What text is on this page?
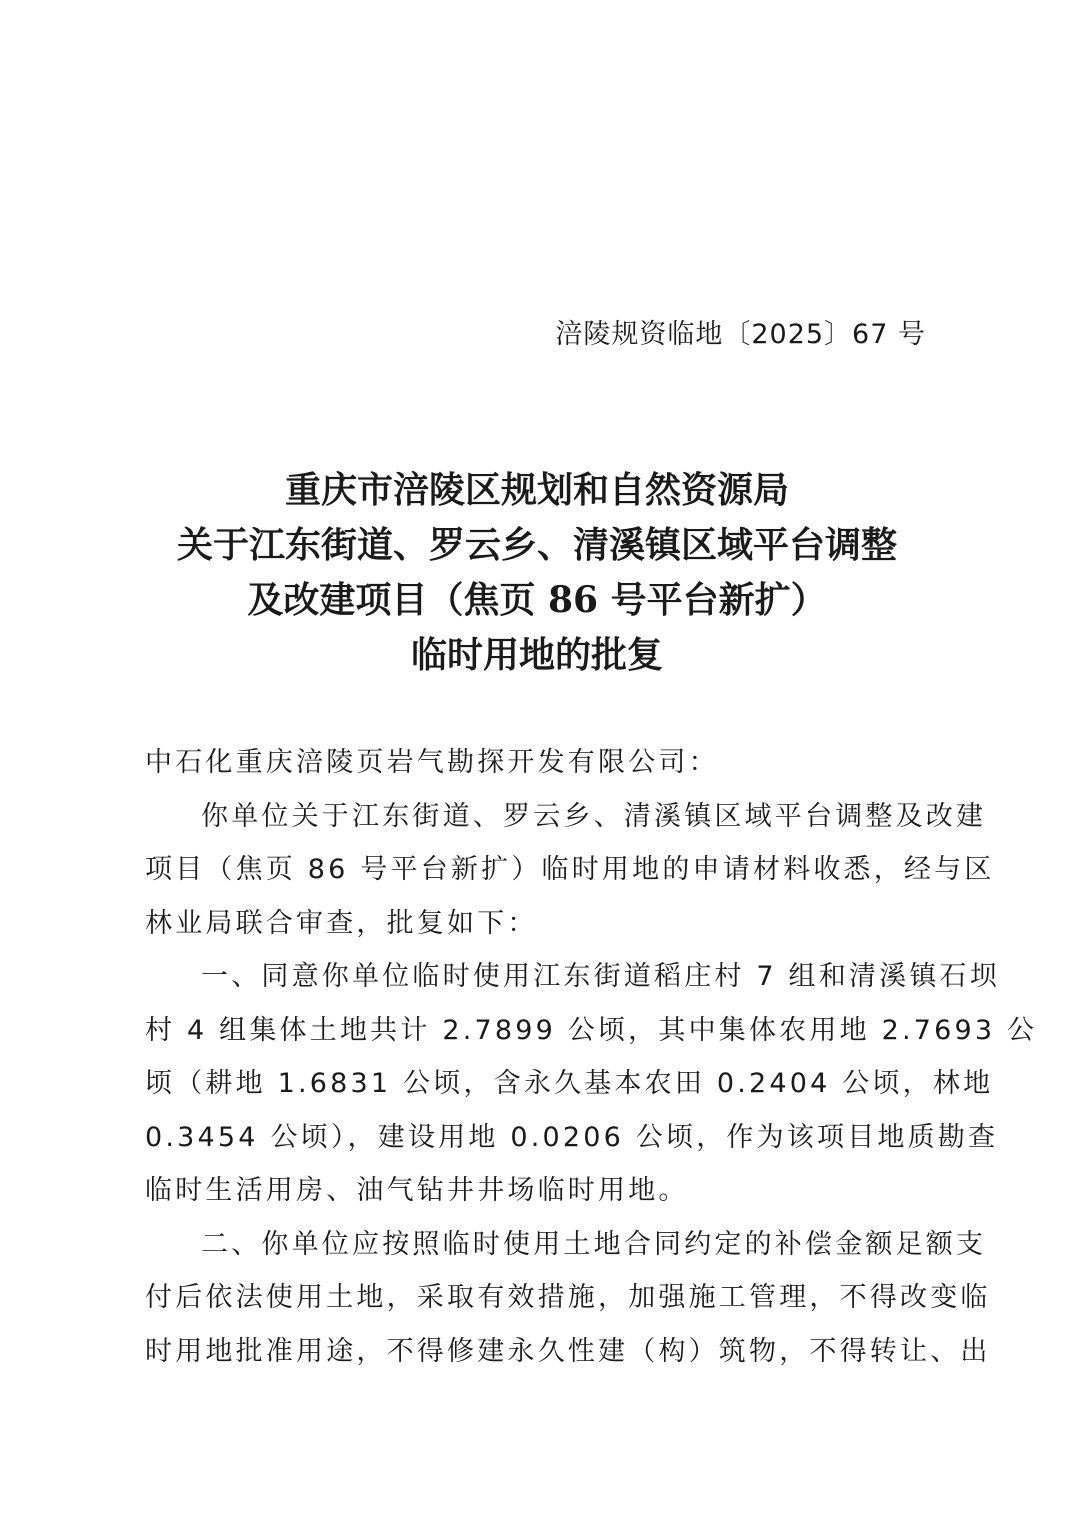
涪陵规资临地〔2025〕67 号
重庆市涪陵区规划和自然资源局
关于江东街道、罗云乡、清溪镇区域平台调整
及改建项目（焦页 86 号平台新扩）
临时用地的批复
中石化重庆涪陵页岩气勘探开发有限公司：
你单位关于江东街道、罗云乡、清溪镇区域平台调整及改建
项目（焦页 86 号平台新扩）临时用地的申请材料收悉，经与区
林业局联合审查，批复如下：
一、同意你单位临时使用江东街道稻庄村 7 组和清溪镇石坝
村 4 组集体土地共计 2.7899 公顷，其中集体农用地 2.7693 公
顷（耕地 1.6831 公顷，含永久基本农田 0.2404 公顷，林地
0.3454 公顷），建设用地 0.0206 公顷，作为该项目地质勘查
临时生活用房、油气钻井井场临时用地。
二、你单位应按照临时使用土地合同约定的补偿金额足额支
付后依法使用土地，采取有效措施，加强施工管理，不得改变临
时用地批准用途，不得修建永久性建（构）筑物，不得转让、出
